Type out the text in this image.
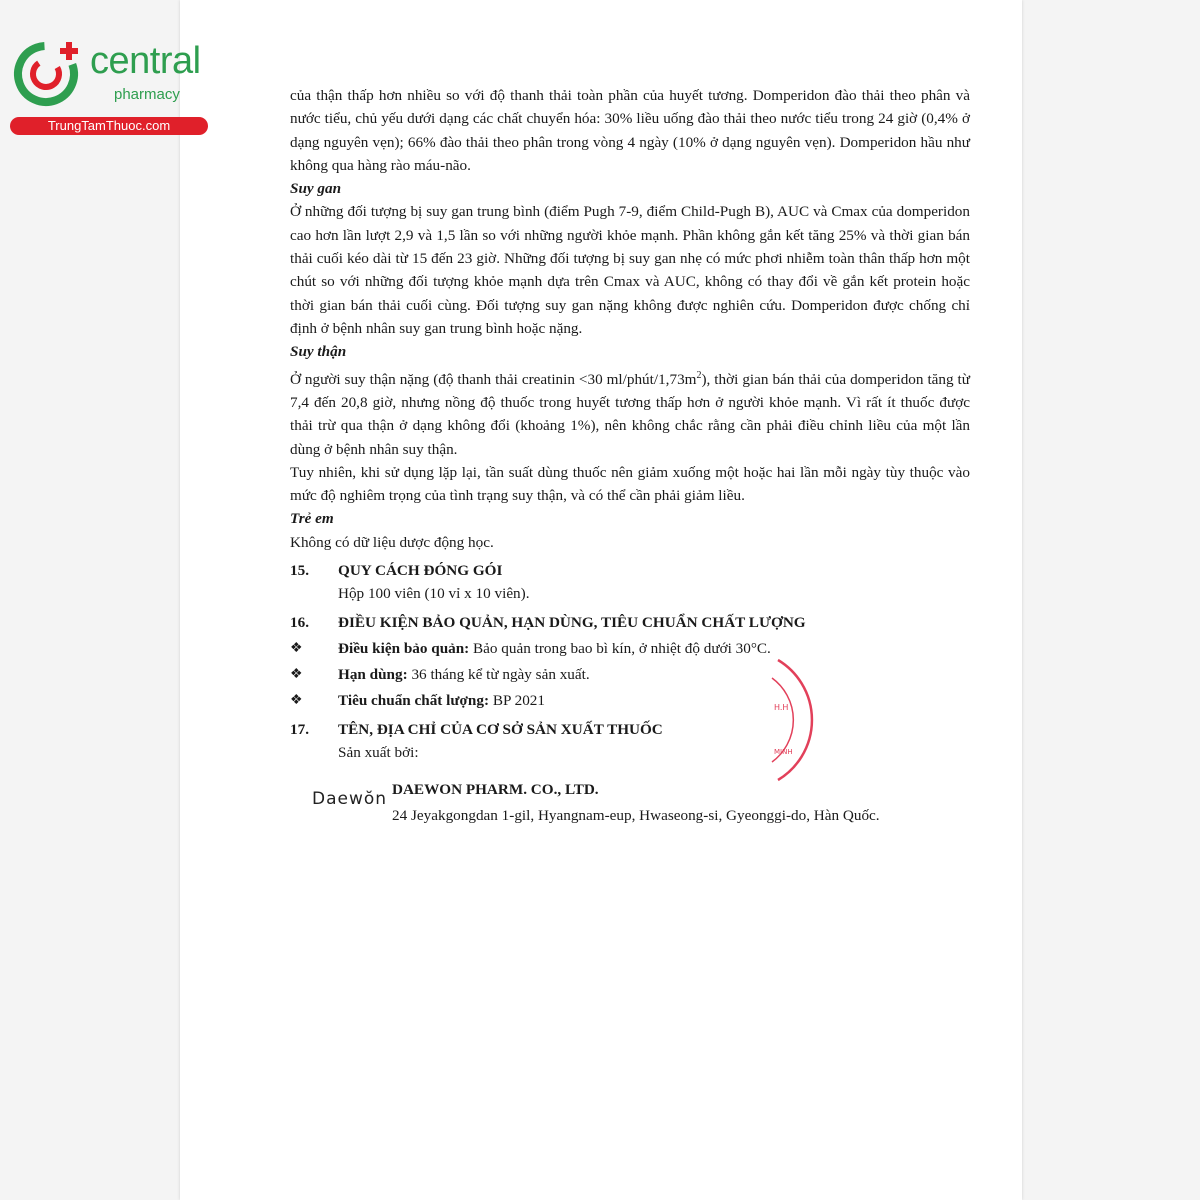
central
pharmacy
TrungTamThuoc.com
H.H
MINH

của thận thấp hơn nhiều so với độ thanh thải toàn phần của huyết tương. Domperidon đào thải theo phân và nước tiểu, chủ yếu dưới dạng các chất chuyển hóa: 30% liều uống đào thải theo nước tiểu trong 24 giờ (0,4% ở dạng nguyên vẹn); 66% đào thải theo phân trong vòng 4 ngày (10% ở dạng nguyên vẹn). Domperidon hầu như không qua hàng rào máu-não.

Suy gan

Ở những đối tượng bị suy gan trung bình (điểm Pugh 7-9, điểm Child-Pugh B), AUC và Cmax của domperidon cao hơn lần lượt 2,9 và 1,5 lần so với những người khỏe mạnh. Phần không gắn kết tăng 25% và thời gian bán thải cuối kéo dài từ 15 đến 23 giờ. Những đối tượng bị suy gan nhẹ có mức phơi nhiễm toàn thân thấp hơn một chút so với những đối tượng khỏe mạnh dựa trên Cmax và AUC, không có thay đổi về gắn kết protein hoặc thời gian bán thải cuối cùng. Đối tượng suy gan nặng không được nghiên cứu. Domperidon được chống chỉ định ở bệnh nhân suy gan trung bình hoặc nặng.

Suy thận

Ở người suy thận nặng (độ thanh thải creatinin <30 $ml/phút/1,73m^2$), thời gian bán thải của domperidon tăng từ 7,4 đến 20,8 giờ, nhưng nồng độ thuốc trong huyết tương thấp hơn ở người khỏe mạnh. Vì rất ít thuốc được thải trừ qua thận ở dạng không đổi (khoảng 1%), nên không chắc rằng cần phải điều chỉnh liều của một lần dùng ở bệnh nhân suy thận.

Tuy nhiên, khi sử dụng lặp lại, tần suất dùng thuốc nên giảm xuống một hoặc hai lần mỗi ngày tùy thuộc vào mức độ nghiêm trọng của tình trạng suy thận, và có thể cần phải giảm liều.

Trẻ em

Không có dữ liệu dược động học.

15.	QUY CÁCH ĐÓNG GÓI

Hộp 100 viên (10 vỉ x 10 viên).

16.	ĐIỀU KIỆN BẢO QUẢN, HẠN DÙNG, TIÊU CHUẨN CHẤT LƯỢNG
❖	Điều kiện bảo quản: Bảo quản trong bao bì kín, ở nhiệt độ dưới 30°C.
❖	Hạn dùng: 36 tháng kể từ ngày sản xuất.
❖	Tiêu chuẩn chất lượng: BP 2021
17.	TÊN, ĐỊA CHỈ CỦA CƠ SỞ SẢN XUẤT THUỐC

Sản xuất bởi:

Daewŏn DAEWON PHARM. CO., LTD.
24 Jeyakgongdan 1-gil, Hyangnam-eup, Hwaseong-si, Gyeonggi-do, Hàn Quốc.
